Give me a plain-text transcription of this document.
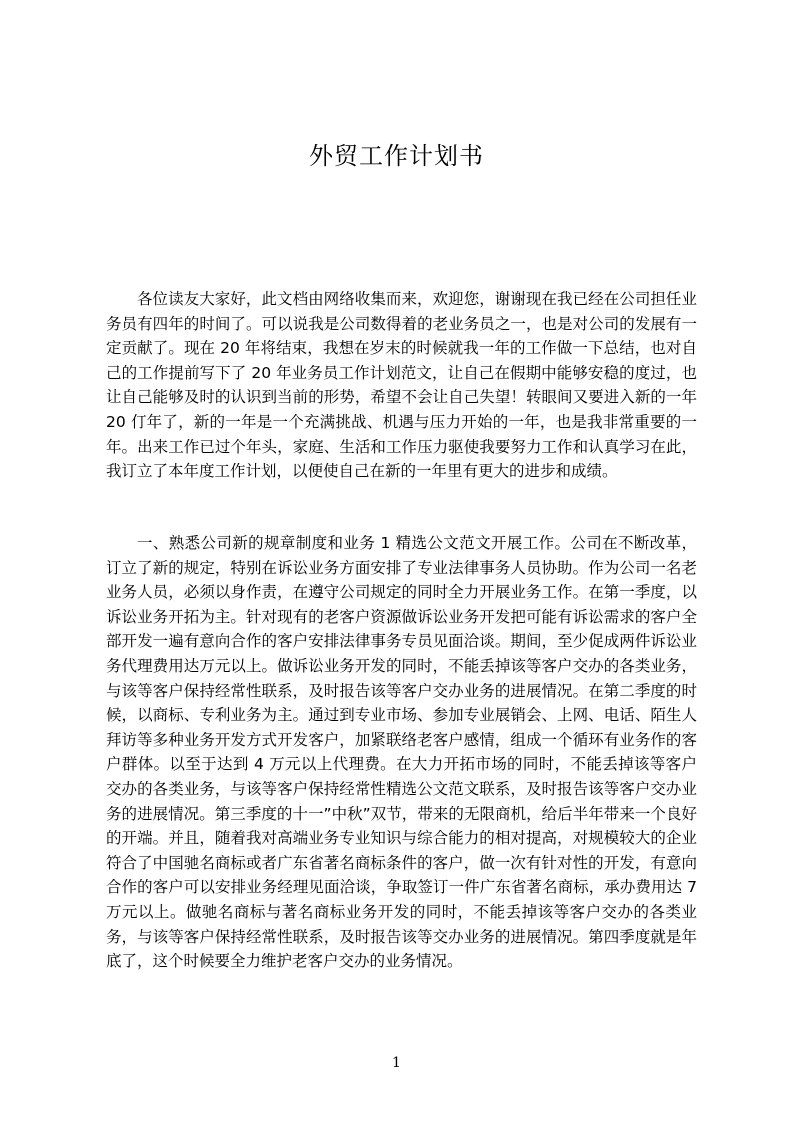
外贸工作计划书

各位读友大家好，此文档由网络收集而来，欢迎您，谢谢现在我已经在公司担任业务员有四年的时间了。可以说我是公司数得着的老业务员之一，也是对公司的发展有一定贡献了。现在 20 年将结束，我想在岁末的时候就我一年的工作做一下总结，也对自己的工作提前写下了 20 年业务员工作计划范文，让自己在假期中能够安稳的度过，也让自己能够及时的认识到当前的形势，希望不会让自己失望！转眼间又要进入新的一年 20 仃年了，新的一年是一个充满挑战、机遇与压力开始的一年，也是我非常重要的一年。出来工作已过个年头，家庭、生活和工作压力驱使我要努力工作和认真学习在此，我订立了本年度工作计划，以便使自己在新的一年里有更大的进步和成绩。

一、熟悉公司新的规章制度和业务 1 精选公文范文开展工作。公司在不断改革，订立了新的规定，特别在诉讼业务方面安排了专业法律事务人员协助。作为公司一名老业务人员，必须以身作责，在遵守公司规定的同时全力开展业务工作。在第一季度，以诉讼业务开拓为主。针对现有的老客户资源做诉讼业务开发把可能有诉讼需求的客户全部开发一遍有意向合作的客户安排法律事务专员见面洽谈。期间，至少促成两件诉讼业务代理费用达万元以上。做诉讼业务开发的同时，不能丢掉该等客户交办的各类业务，与该等客户保持经常性联系，及时报告该等客户交办业务的进展情况。在第二季度的时候，以商标、专利业务为主。通过到专业市场、参加专业展销会、上网、电话、陌生人拜访等多种业务开发方式开发客户，加紧联络老客户感情，组成一个循环有业务作的客户群体。以至于达到 4 万元以上代理费。在大力开拓市场的同时，不能丢掉该等客户交办的各类业务，与该等客户保持经常性精选公文范文联系，及时报告该等客户交办业务的进展情况。第三季度的十一”中秋”双节，带来的无限商机，给后半年带来一个良好的开端。并且，随着我对高端业务专业知识与综合能力的相对提高，对规模较大的企业符合了中国驰名商标或者广东省著名商标条件的客户，做一次有针对性的开发，有意向合作的客户可以安排业务经理见面洽谈，争取签订一件广东省著名商标，承办费用达 7 万元以上。做驰名商标与著名商标业务开发的同时，不能丢掉该等客户交办的各类业务，与该等客户保持经常性联系，及时报告该等交办业务的进展情况。第四季度就是年底了，这个时候要全力维护老客户交办的业务情况。

1
